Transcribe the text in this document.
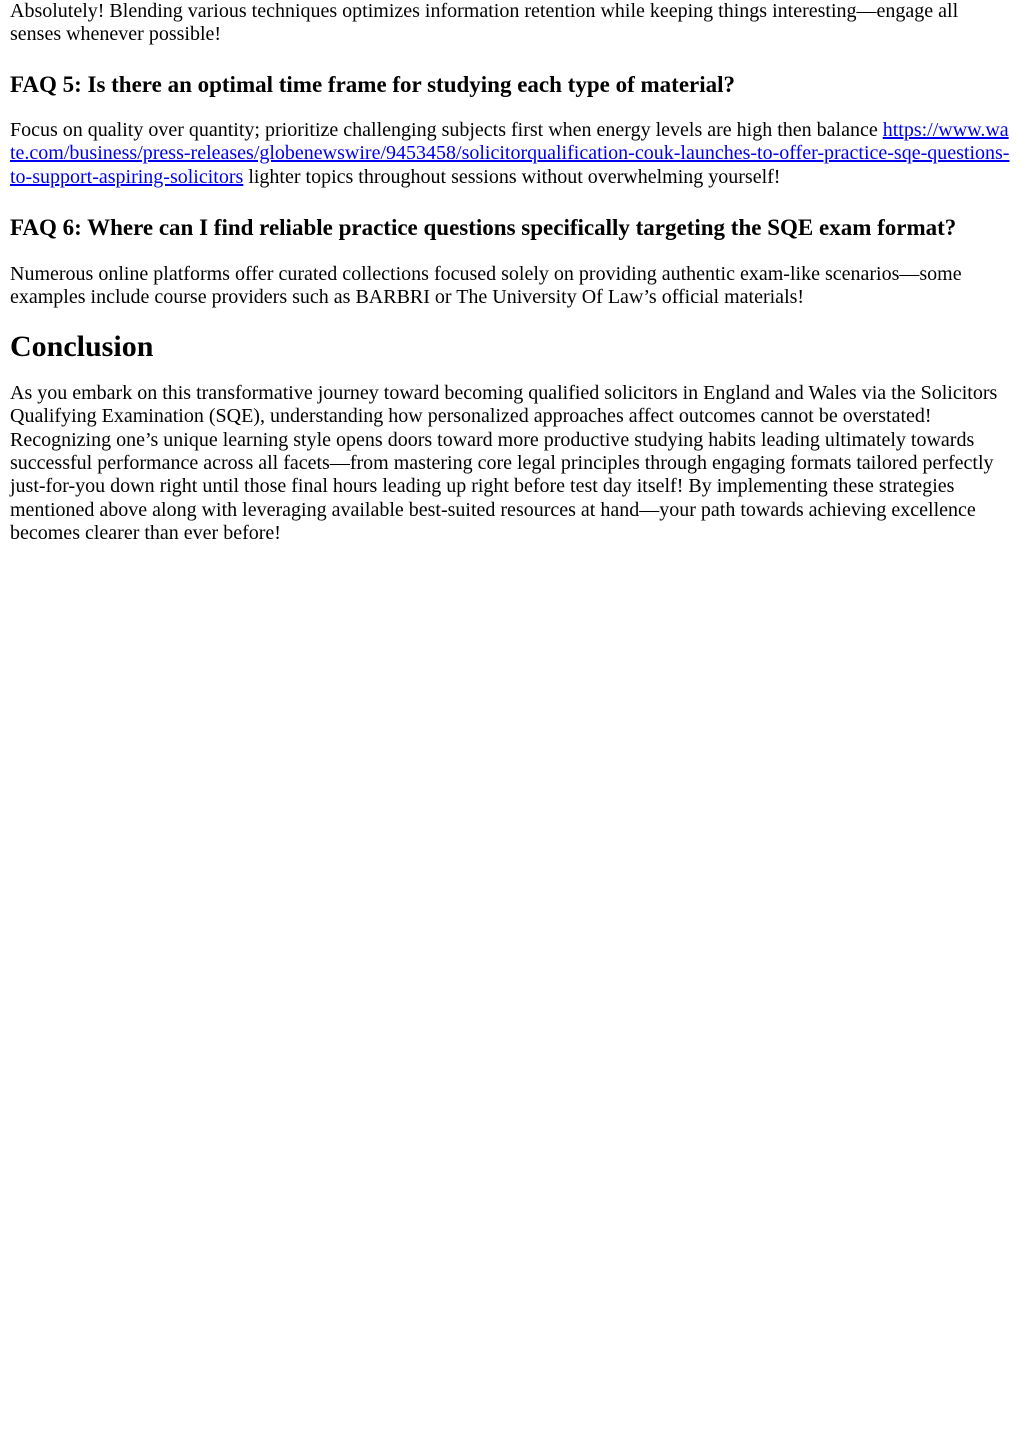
Absolutely! Blending various techniques optimizes information retention while keeping things interesting—engage all senses whenever possible!

FAQ 5: Is there an optimal time frame for studying each type of material?

Focus on quality over quantity; prioritize challenging subjects first when energy levels are high then balance https://www.wate.com/business/press-releases/globenewswire/9453458/solicitorqualification-couk-launches-to-offer-practice-sqe-questions-to-support-aspiring-solicitors lighter topics throughout sessions without overwhelming yourself!

FAQ 6: Where can I find reliable practice questions specifically targeting the SQE exam format?

Numerous online platforms offer curated collections focused solely on providing authentic exam-like scenarios—some examples include course providers such as BARBRI or The University Of Law’s official materials!

Conclusion

As you embark on this transformative journey toward becoming qualified solicitors in England and Wales via the Solicitors Qualifying Examination (SQE), understanding how personalized approaches affect outcomes cannot be overstated! Recognizing one’s unique learning style opens doors toward more productive studying habits leading ultimately towards successful performance across all facets—from mastering core legal principles through engaging formats tailored perfectly just-for-you down right until those final hours leading up right before test day itself! By implementing these strategies mentioned above along with leveraging available best-suited resources at hand—your path towards achieving excellence becomes clearer than ever before!
